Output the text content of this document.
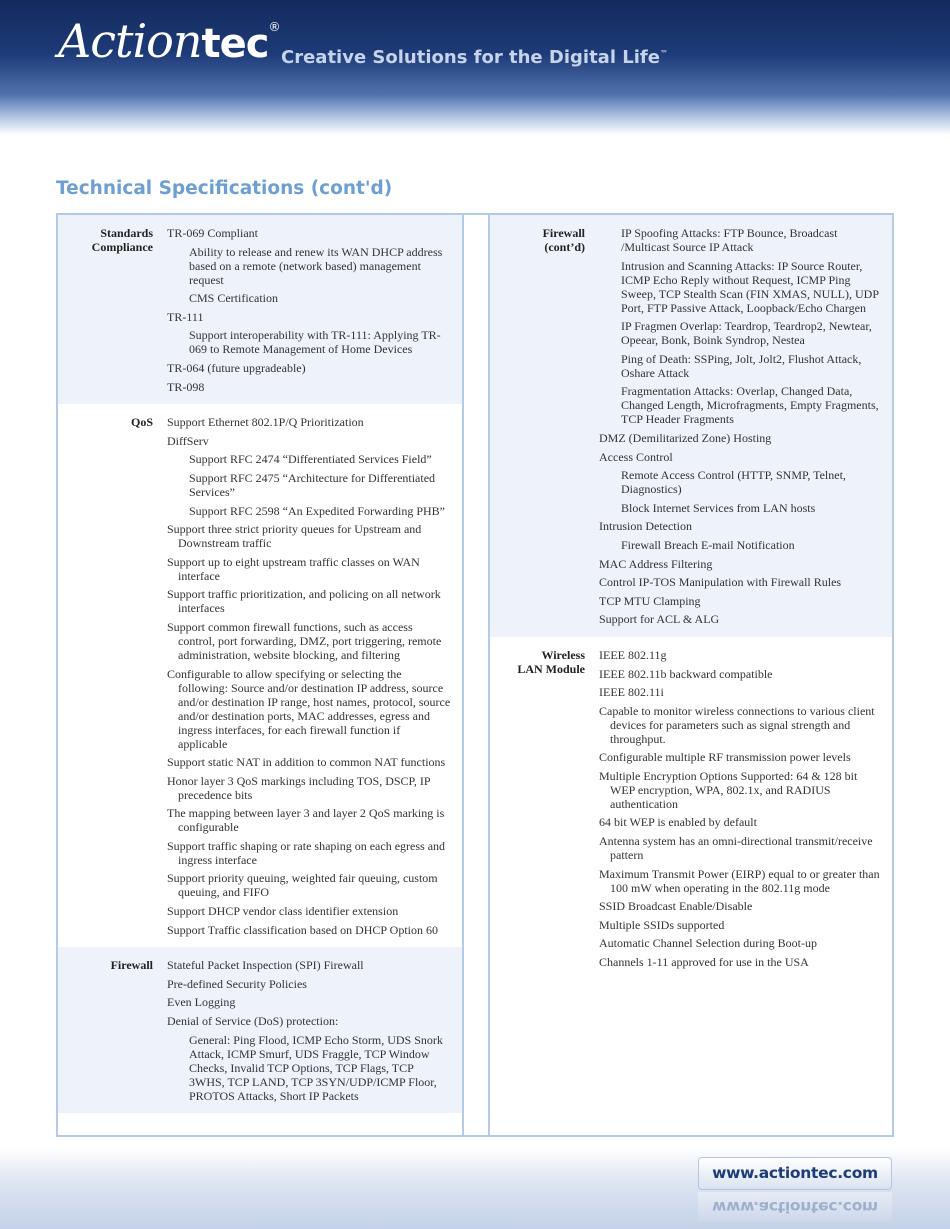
Actiontec®
Creative Solutions for the Digital Life™
Technical Specifications (cont'd)
Standards
Compliance
TR-069 Compliant
Ability to release and renew its WAN DHCP address based on a remote (network based) management request
CMS Certification
TR-111
Support interoperability with TR-111: Applying TR-069 to Remote Management of Home Devices
TR-064 (future upgradeable)
TR-098
QoS Support Ethernet 802.1P/Q Prioritization
DiffServ
Support RFC 2474 “Differentiated Services Field”
Support RFC 2475 “Architecture for Differentiated Services”
Support RFC 2598 “An Expedited Forwarding PHB”
Support three strict priority queues for Upstream and Downstream traffic
Support up to eight upstream traffic classes on WAN interface
Support traffic prioritization, and policing on all network interfaces
Support common firewall functions, such as access control, port forwarding, DMZ, port triggering, remote administration, website blocking, and filtering
Configurable to allow specifying or selecting the following: Source and/or destination IP address, source and/or destination IP range, host names, protocol, source and/or destination ports, MAC addresses, egress and ingress interfaces, for each firewall function if applicable
Support static NAT in addition to common NAT functions
Honor layer 3 QoS markings including TOS, DSCP, IP precedence bits
The mapping between layer 3 and layer 2 QoS marking is configurable
Support traffic shaping or rate shaping on each egress and ingress interface
Support priority queuing, weighted fair queuing, custom queuing, and FIFO
Support DHCP vendor class identifier extension
Support Traffic classification based on DHCP Option 60
Firewall Stateful Packet Inspection (SPI) Firewall
Pre-defined Security Policies
Even Logging
Denial of Service (DoS) protection:
General: Ping Flood, ICMP Echo Storm, UDS Snork Attack, ICMP Smurf, UDS Fraggle, TCP Window Checks, Invalid TCP Options, TCP Flags, TCP 3WHS, TCP LAND, TCP 3SYN/UDP/ICMP Floor, PROTOS Attacks, Short IP Packets
Firewall
(cont’d)
IP Spoofing Attacks: FTP Bounce, Broadcast /Multicast Source IP Attack
Intrusion and Scanning Attacks: IP Source Router, ICMP Echo Reply without Request, ICMP Ping Sweep, TCP Stealth Scan (FIN XMAS, NULL), UDP Port, FTP Passive Attack, Loopback/Echo Chargen
IP Fragmen Overlap: Teardrop, Teardrop2, Newtear, Opeear, Bonk, Boink Syndrop, Nestea
Ping of Death: SSPing, Jolt, Jolt2, Flushot Attack, Oshare Attack
Fragmentation Attacks: Overlap, Changed Data, Changed Length, Microfragments, Empty Fragments, TCP Header Fragments
DMZ (Demilitarized Zone) Hosting
Access Control
Remote Access Control (HTTP, SNMP, Telnet, Diagnostics)
Block Internet Services from LAN hosts
Intrusion Detection
Firewall Breach E-mail Notification
MAC Address Filtering
Control IP-TOS Manipulation with Firewall Rules
TCP MTU Clamping
Support for ACL & ALG
Wireless
LAN Module
IEEE 802.11g
IEEE 802.11b backward compatible
IEEE 802.11i
Capable to monitor wireless connections to various client devices for parameters such as signal strength and throughput.
Configurable multiple RF transmission power levels
Multiple Encryption Options Supported: 64 & 128 bit WEP encryption, WPA, 802.1x, and RADIUS authentication
64 bit WEP is enabled by default
Antenna system has an omni-directional transmit/receive pattern
Maximum Transmit Power (EIRP) equal to or greater than 100 mW when operating in the 802.11g mode
SSID Broadcast Enable/Disable
Multiple SSIDs supported
Automatic Channel Selection during Boot-up
Channels 1-11 approved for use in the USA
www.actiontec.com
www.actiontec.com
